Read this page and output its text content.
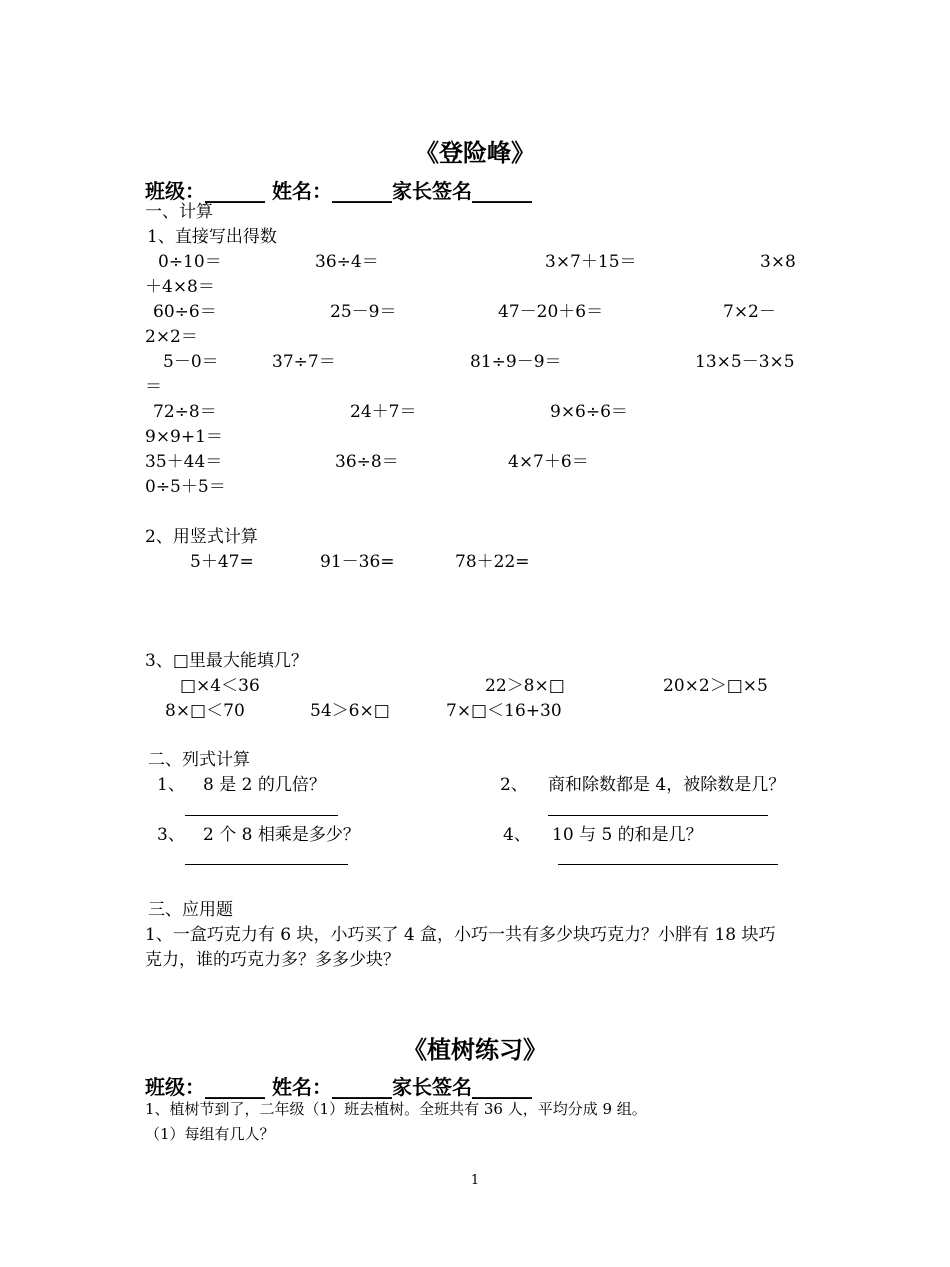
《登险峰》
班级：______ 姓名：______家长签名______
一、计算
1、直接写出得数
0÷10＝	36÷4＝	3×7＋15＝	3×8
＋4×8＝
60÷6＝	25－9＝	47－20＋6＝	7×2－
2×2＝
5－0＝	37÷7＝	81÷9－9＝	13×5－3×5
＝
72÷8＝	24＋7＝	9×6÷6＝
9×9+1＝
35＋44＝	36÷8＝	4×7＋6＝
0÷5＋5＝
2、用竖式计算
5＋47=	91－36=	78＋22=
3、□里最大能填几？
□×4＜36	22＞8×□	20×2＞□×5
8×□＜70	54＞6×□	7×□＜16+30
二、列式计算
1、 8 是 2 的几倍？	2、 商和除数都是 4，被除数是几？
3、 2 个 8 相乘是多少？	4、 10 与 5 的和是几？
三、应用题
1、一盒巧克力有 6 块，小巧买了 4 盒，小巧一共有多少块巧克力？小胖有 18 块巧
克力，谁的巧克力多？多多少块？
《植树练习》
班级：______ 姓名：______家长签名______
1、植树节到了，二年级（1）班去植树。全班共有 36 人，平均分成 9 组。
（1）每组有几人？
1
